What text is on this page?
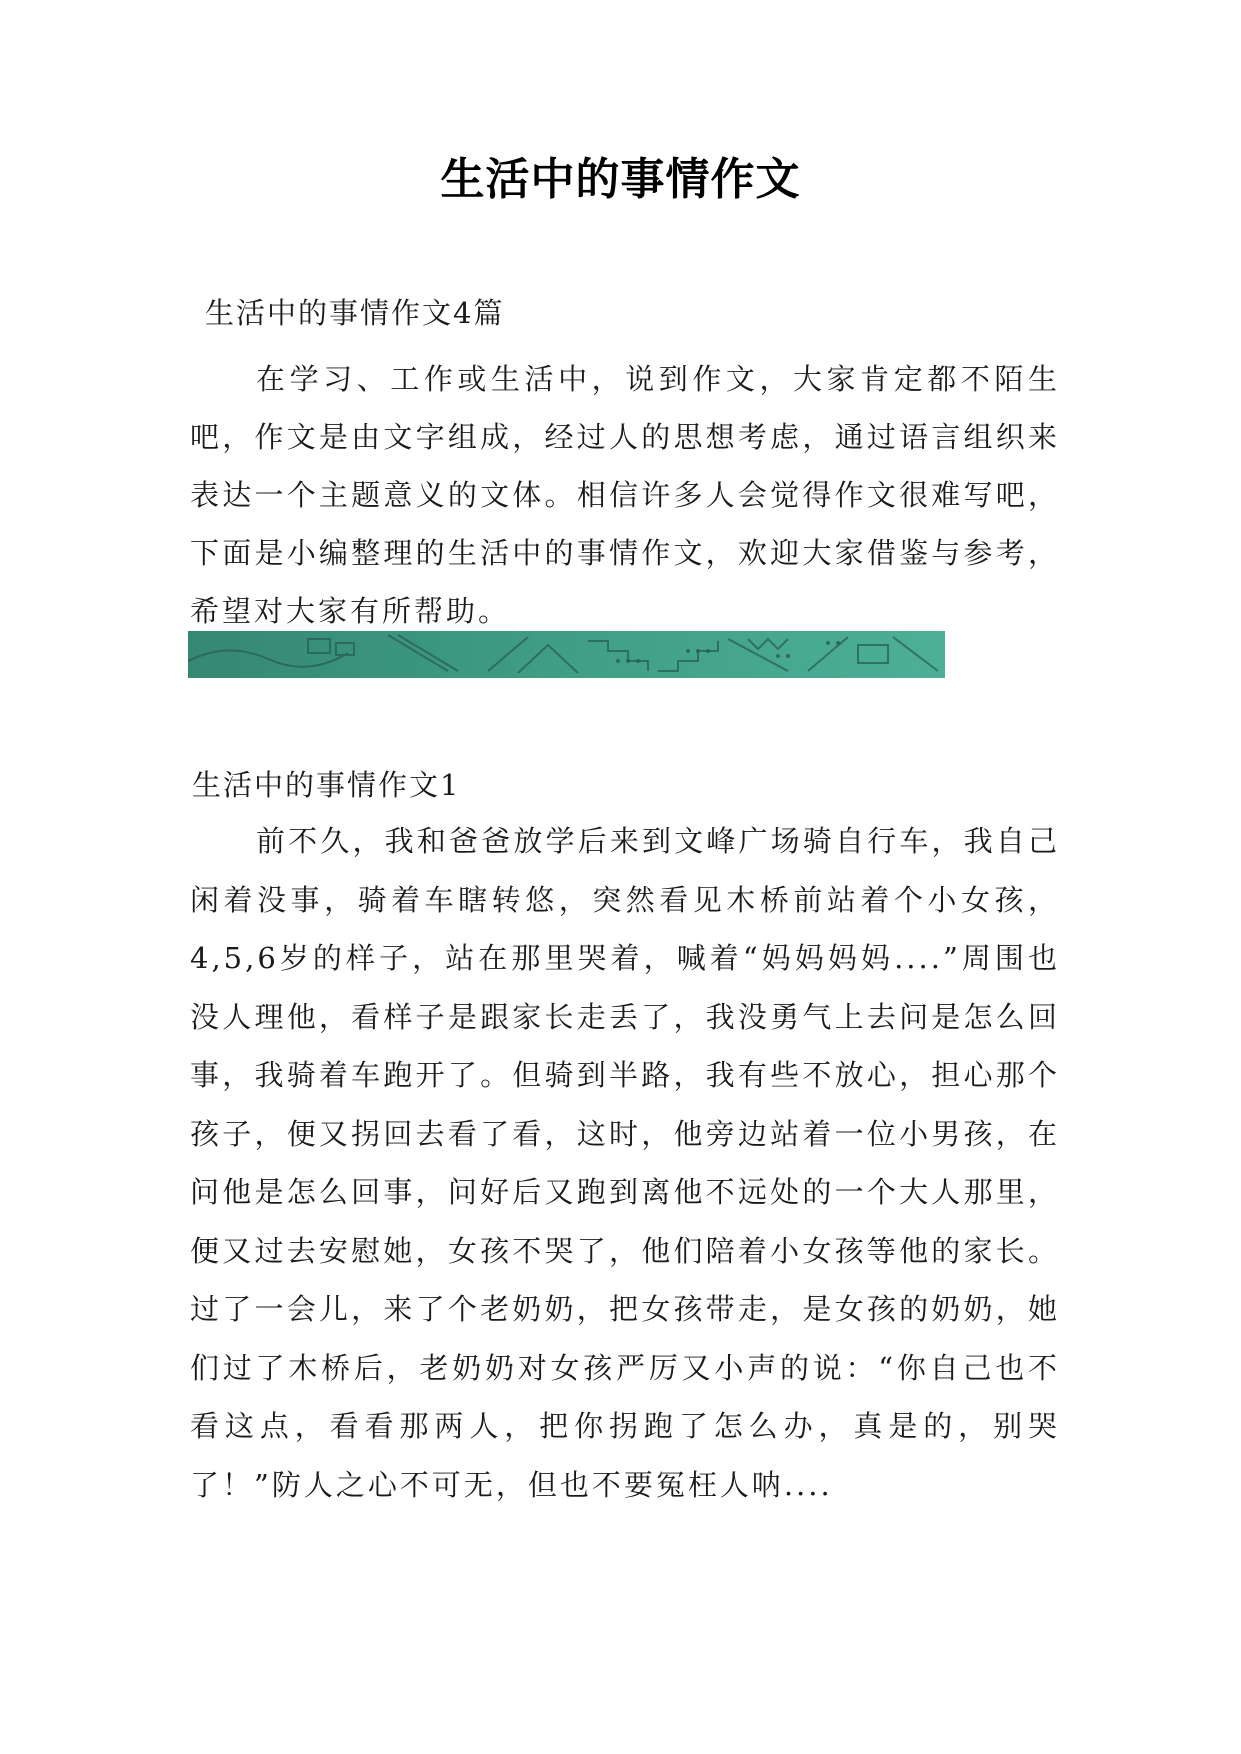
生活中的事情作文

生活中的事情作文4篇

在学习、工作或生活中，说到作文，大家肯定都不陌生吧，作文是由文字组成，经过人的思想考虑，通过语言组织来表达一个主题意义的文体。相信许多人会觉得作文很难写吧，下面是小编整理的生活中的事情作文，欢迎大家借鉴与参考，希望对大家有所帮助。

生活中的事情作文1

前不久，我和爸爸放学后来到文峰广场骑自行车，我自己闲着没事，骑着车瞎转悠，突然看见木桥前站着个小女孩，4,5,6岁的样子，站在那里哭着，喊着“妈妈妈妈....”周围也没人理他，看样子是跟家长走丢了，我没勇气上去问是怎么回事，我骑着车跑开了。但骑到半路，我有些不放心，担心那个孩子，便又拐回去看了看，这时，他旁边站着一位小男孩，在问他是怎么回事，问好后又跑到离他不远处的一个大人那里，便又过去安慰她，女孩不哭了，他们陪着小女孩等他的家长。过了一会儿，来了个老奶奶，把女孩带走，是女孩的奶奶，她们过了木桥后，老奶奶对女孩严厉又小声的说：“你自己也不看这点，看看那两人，把你拐跑了怎么办，真是的，别哭了！”防人之心不可无，但也不要冤枉人呐....
